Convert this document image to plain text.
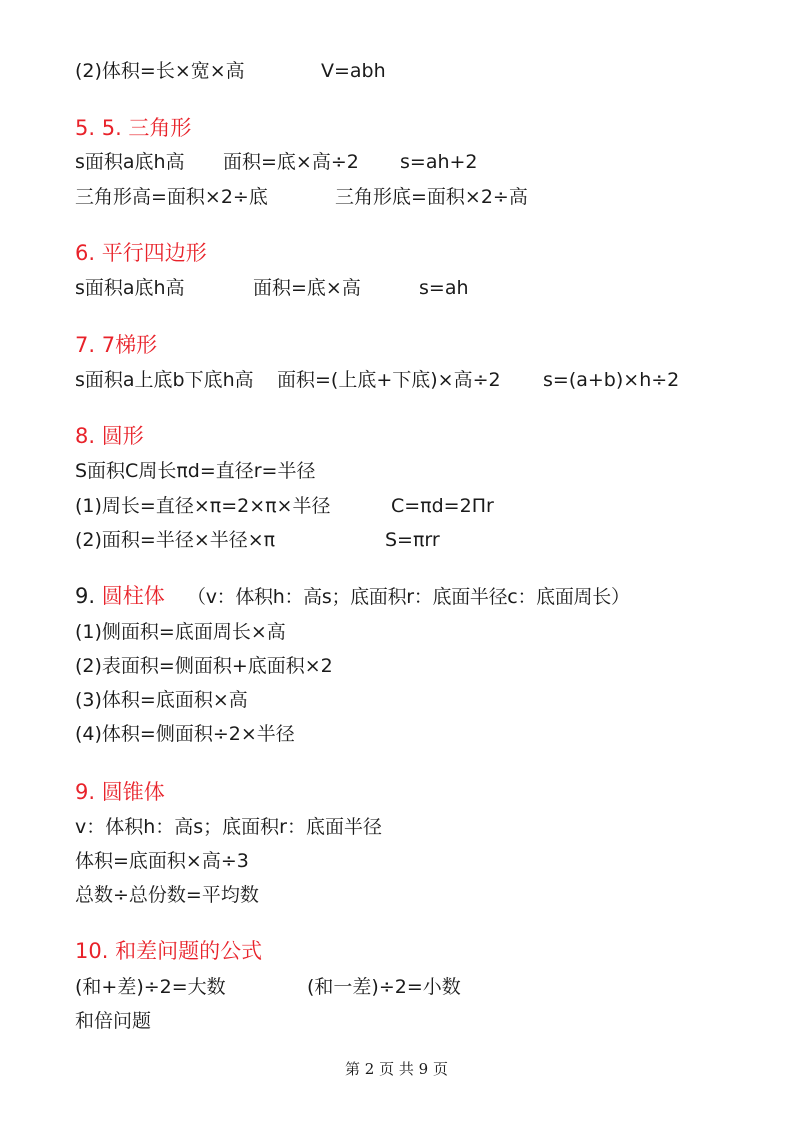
(2)体积=长×宽×高	V=abh
5. 5. 三角形
s面积a底h高 面积=底×高÷2 s=ah+2
三角形高=面积×2÷底	三角形底=面积×2÷高
6. 平行四边形
s面积a底h高	面积=底×高	s=ah
7. 7梯形
s面积a上底b下底h高 面积=(上底+下底)×高÷2 s=(a+b)×h÷2
8. 圆形
S面积C周长πd=直径r=半径
(1)周长=直径×π=2×π×半径	C=πd=2Πr
(2)面积=半径×半径×π	S=πrr
9. 圆柱体 （v：体积h：高s；底面积r：底面半径c：底面周长）
(1)侧面积=底面周长×高
(2)表面积=侧面积+底面积×2
(3)体积=底面积×高
(4)体积=侧面积÷2×半径
9. 圆锥体
v：体积h：高s；底面积r：底面半径
体积=底面积×高÷3
总数÷总份数=平均数
10. 和差问题的公式
(和+差)÷2=大数	(和一差)÷2=小数
和倍问题
第 2 页 共 9 页
